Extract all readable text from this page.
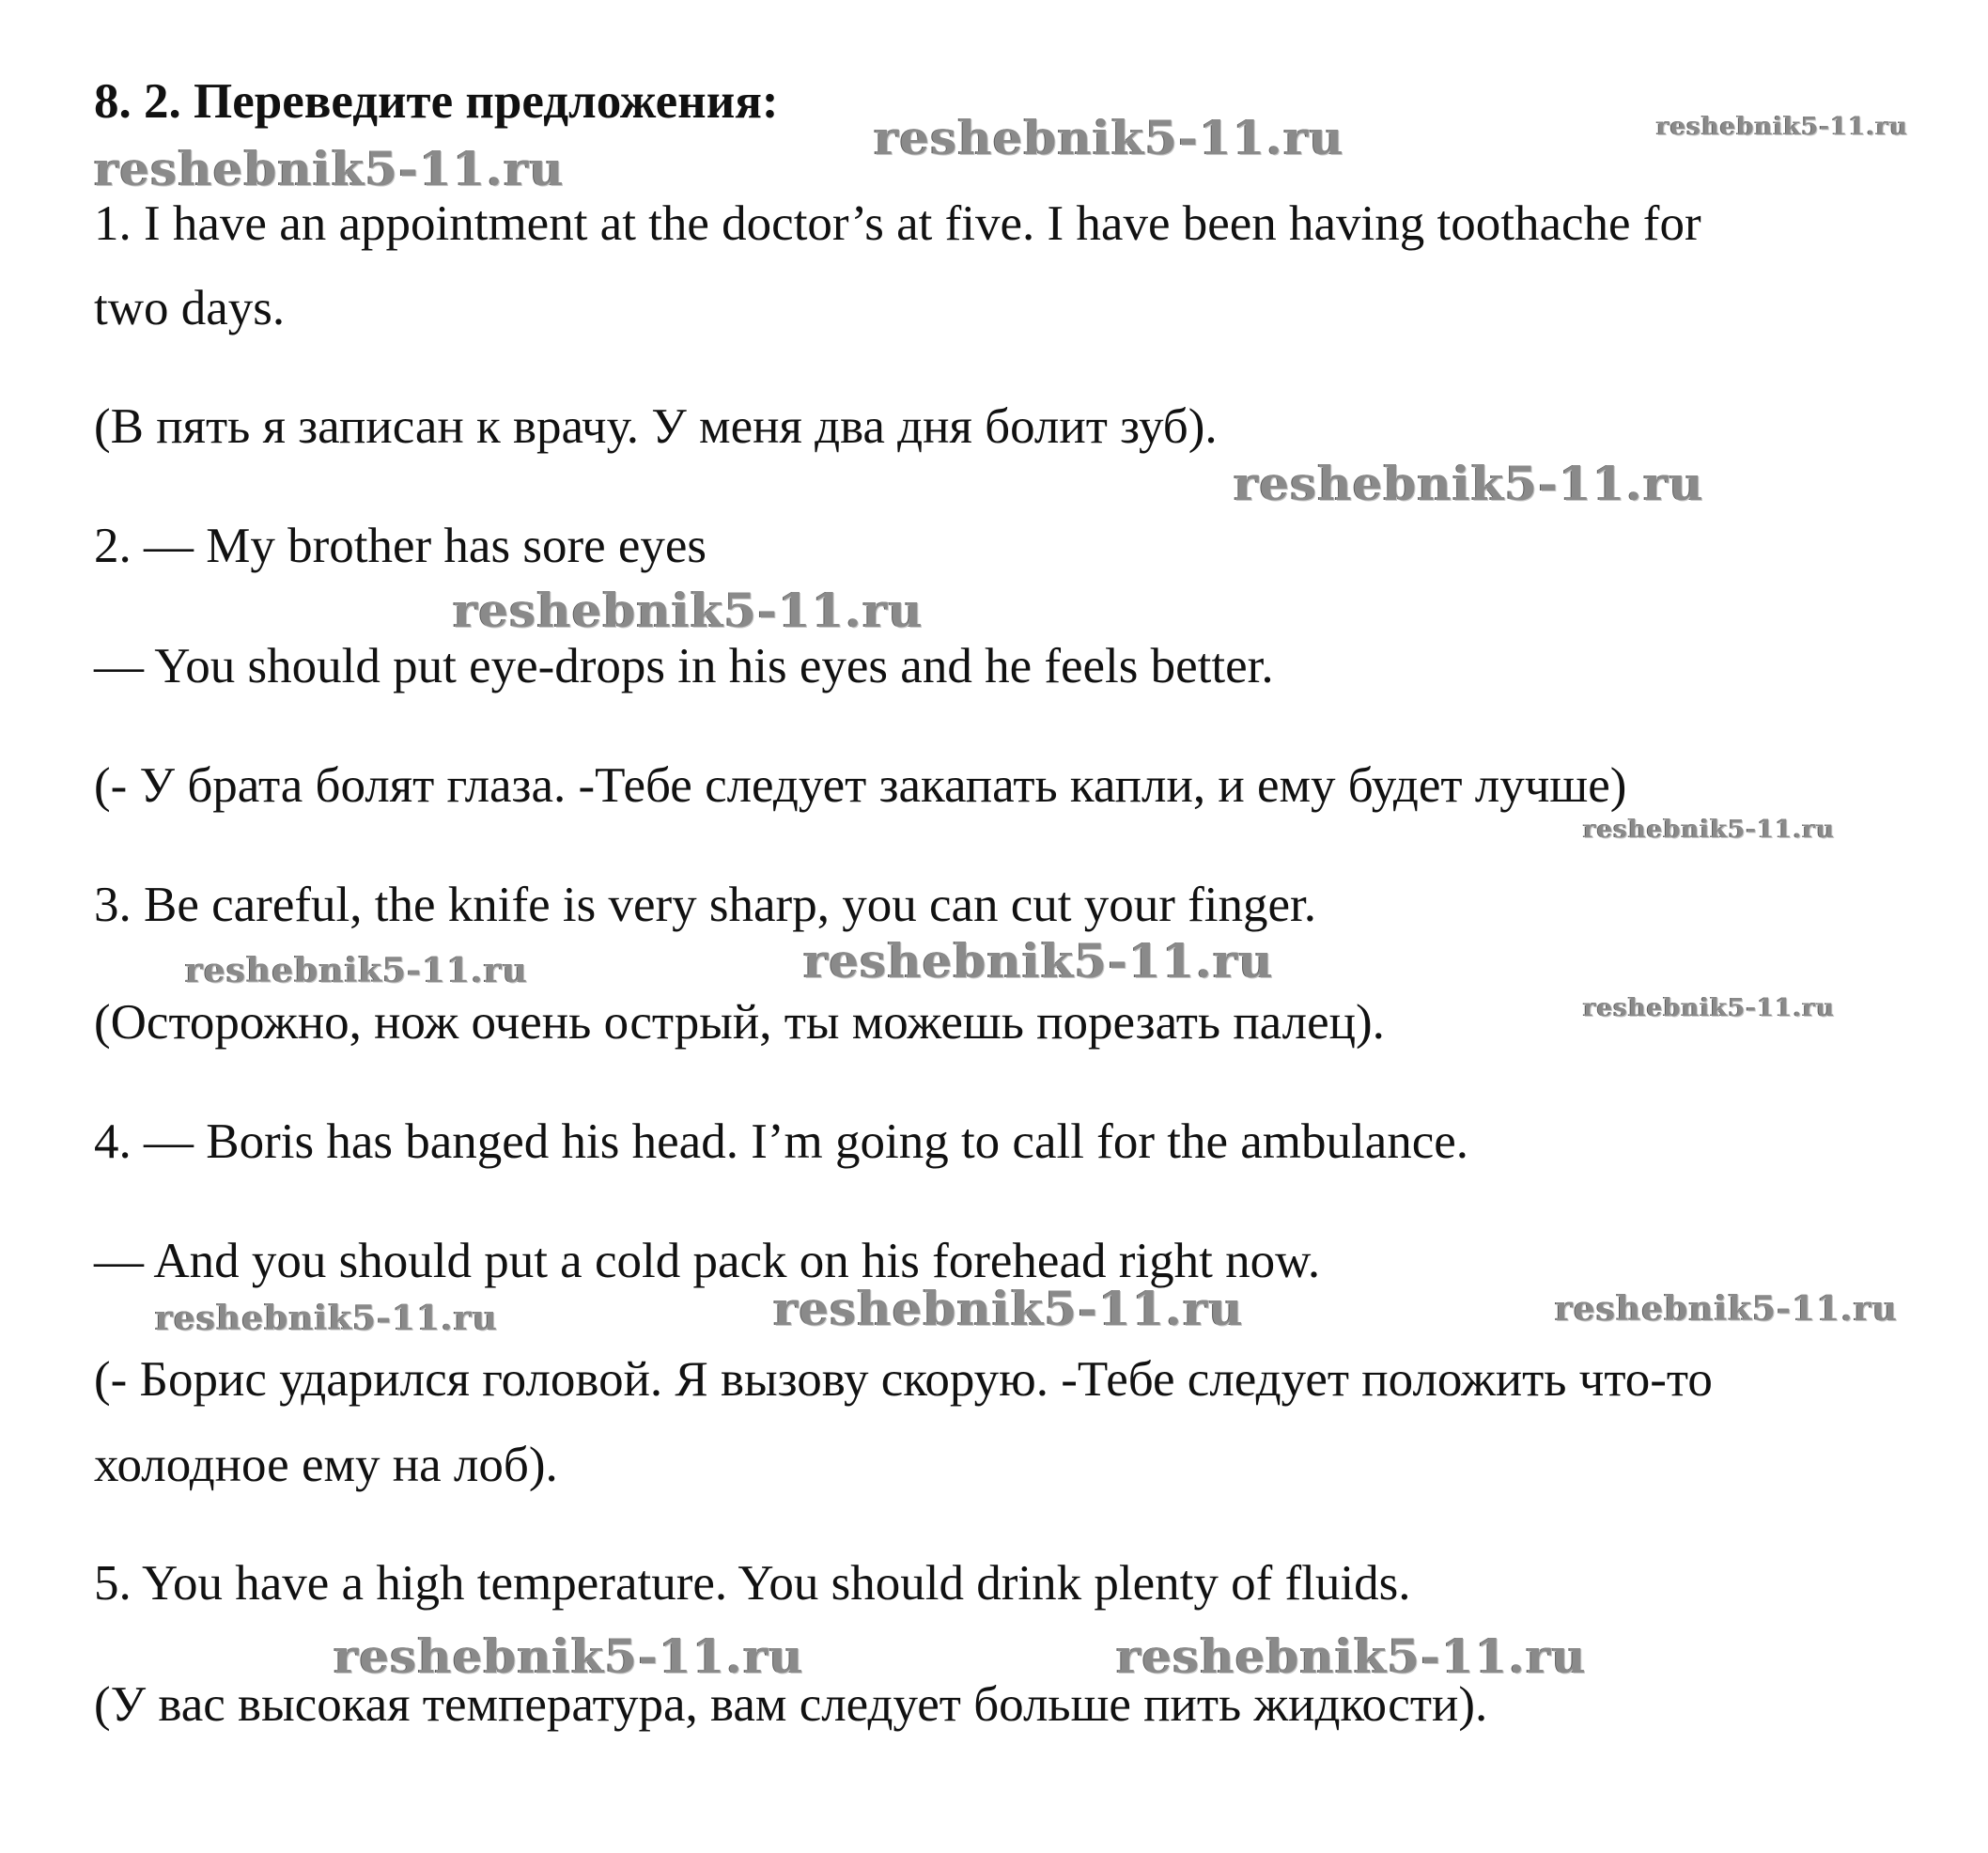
8. 2. Переведите предложения:
1. I have an appointment at the doctor’s at five. I have been having toothache for
two days.
(В пять я записан к врачу. У меня два дня болит зуб).
2. — My brother has sore eyes
— You should put eye-drops in his eyes and he feels better.
(- У брата болят глаза. -Тебе следует закапать капли, и ему будет лучше)
3. Be careful, the knife is very sharp, you can cut your finger.
(Осторожно, нож очень острый, ты можешь порезать палец).
4. — Boris has banged his head. I’m going to call for the ambulance.
— And you should put a cold pack on his forehead right now.
(- Борис ударился головой. Я вызову скорую. -Тебе следует положить что-то
холодное ему на лоб).
5. You have a high temperature. You should drink plenty of fluids.
(У вас высокая температура, вам следует больше пить жидкости).
reshebnik5-11.ru
reshebnik5-11.ru	reshebnik5-11.ru
reshebnik5-11.ru
reshebnik5-11.ru
reshebnik5-11.ru
reshebnik5-11.ru	reshebnik5-11.ru
reshebnik5-11.ru
reshebnik5-11.ru	reshebnik5-11.ru	reshebnik5-11.ru
reshebnik5-11.ru	reshebnik5-11.ru
